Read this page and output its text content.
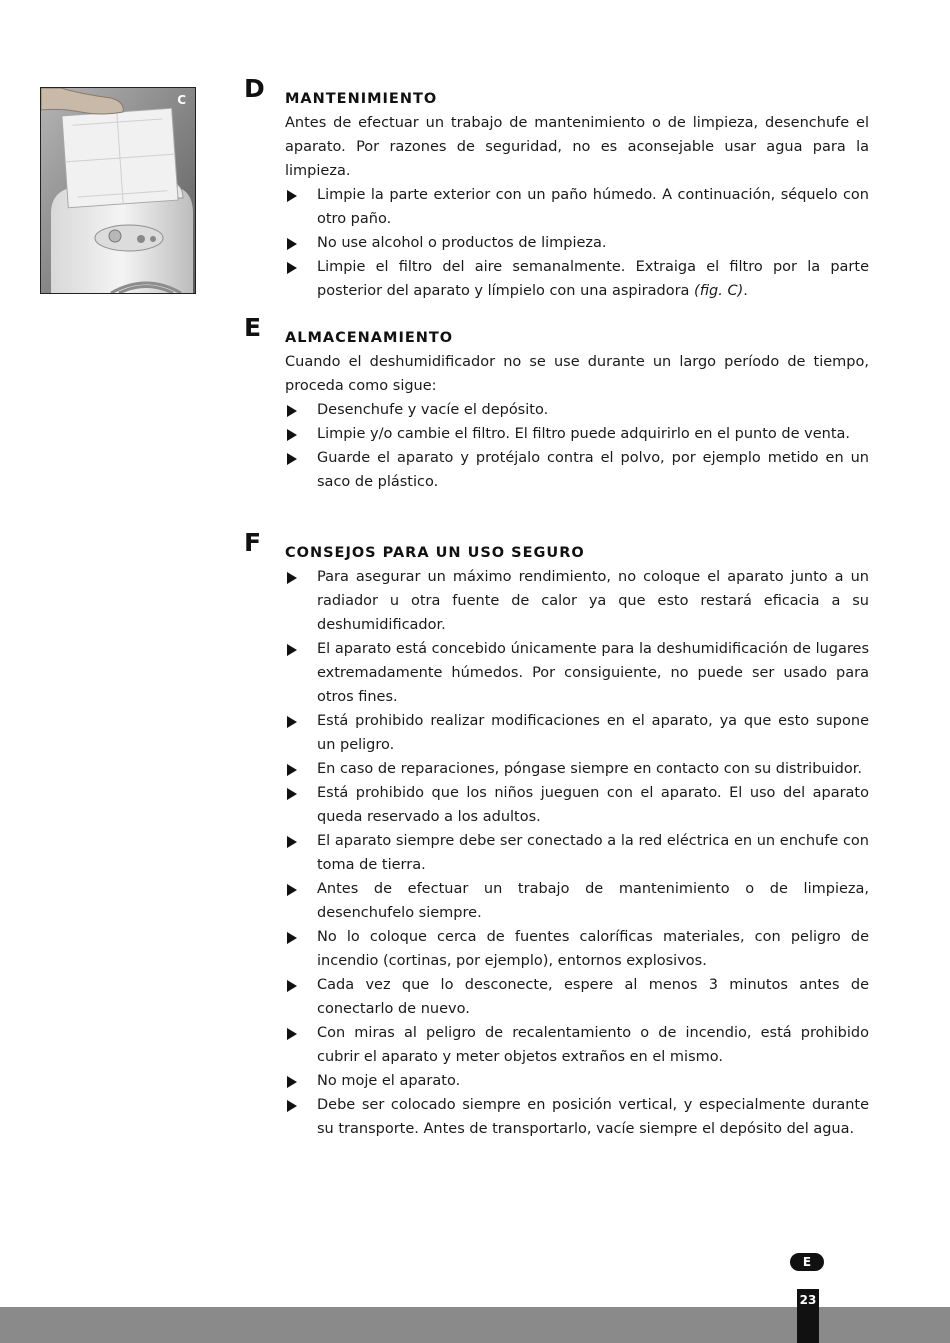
C D MANTENIMIENTO

Antes de efectuar un trabajo de mantenimiento o de limpieza, desenchufe el aparato. Por razones de seguridad, no es aconsejable usar agua para la limpieza.

Limpie la parte exterior con un paño húmedo. A continuación, séquelo con otro paño.
No use alcohol o productos de limpieza.
Limpie el filtro del aire semanalmente. Extraiga el filtro por la parte posterior del aparato y límpielo con una aspiradora (fig. C).
E ALMACENAMIENTO

Cuando el deshumidificador no se use durante un largo período de tiempo, proceda como sigue:

Desenchufe y vacíe el depósito.
Limpie y/o cambie el filtro. El filtro puede adquirirlo en el punto de venta.
Guarde el aparato y protéjalo contra el polvo, por ejemplo metido en un saco de plástico.
F CONSEJOS PARA UN USO SEGURO
Para asegurar un máximo rendimiento, no coloque el aparato junto a un radiador u otra fuente de calor ya que esto restará eficacia a su deshumidificador.
El aparato está concebido únicamente para la deshumidificación de lugares extremadamente húmedos. Por consiguiente, no puede ser usado para otros fines.
Está prohibido realizar modificaciones en el aparato, ya que esto supone un peligro.
En caso de reparaciones, póngase siempre en contacto con su distribuidor.
Está prohibido que los niños jueguen con el aparato. El uso del aparato queda reservado a los adultos.
El aparato siempre debe ser conectado a la red eléctrica en un enchufe con toma de tierra.
Antes de efectuar un trabajo de mantenimiento o de limpieza, desenchufelo siempre.
No lo coloque cerca de fuentes caloríficas materiales, con peligro de incendio (cortinas, por ejemplo), entornos explosivos.
Cada vez que lo desconecte, espere al menos 3 minutos antes de conectarlo de nuevo.
Con miras al peligro de recalentamiento o de incendio, está prohibido cubrir el aparato y meter objetos extraños en el mismo.
No moje el aparato.
Debe ser colocado siempre en posición vertical, y especialmente durante su transporte. Antes de transportarlo, vacíe siempre el depósito del agua.
E
23
